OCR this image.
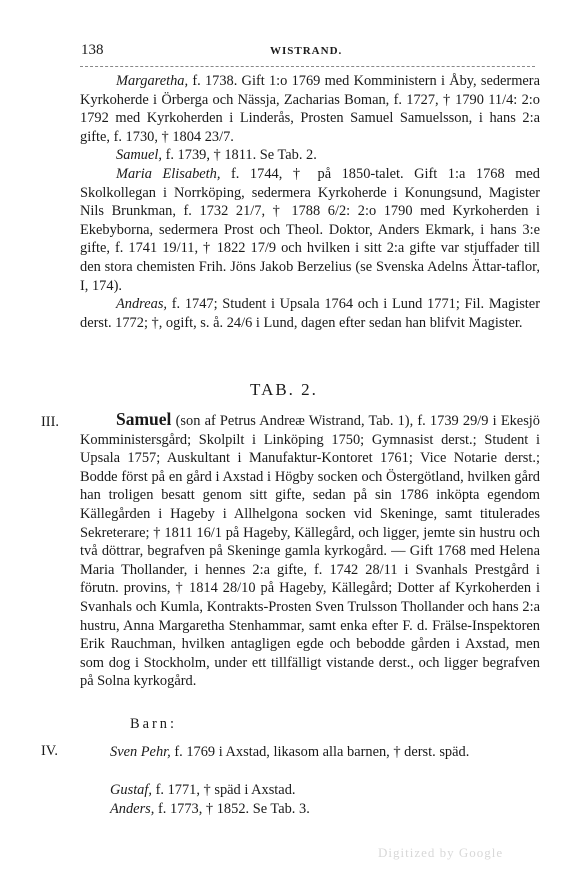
138	WISTRAND.

Margaretha, f. 1738. Gift 1:o 1769 med Komministern i Åby, sedermera Kyrkoherde i Örberga och Nässja, Zacharias Boman, f. 1727, † 1790 11/4: 2:o 1792 med Kyrkoherden i Linderås, Prosten Samuel Samuelsson, i hans 2:a gifte, f. 1730, † 1804 23/7.

Samuel, f. 1739, † 1811. Se Tab. 2.

Maria Elisabeth, f. 1744, † på 1850-talet. Gift 1:a 1768 med Skolkollegan i Norrköping, sedermera Kyrkoherde i Konungsund, Magister Nils Brunkman, f. 1732 21/7, † 1788 6/2: 2:o 1790 med Kyrkoherden i Ekebyborna, sedermera Prost och Theol. Doktor, Anders Ekmark, i hans 3:e gifte, f. 1741 19/11, † 1822 17/9 och hvilken i sitt 2:a gifte var stjuffader till den stora chemisten Frih. Jöns Jakob Berzelius (se Svenska Adelns Ättar-taflor, I, 174).

Andreas, f. 1747; Student i Upsala 1764 och i Lund 1771; Fil. Magister derst. 1772; †, ogift, s. å. 24/6 i Lund, dagen efter sedan han blifvit Magister.

TAB. 2.
III.	Samuel (son af Petrus Andreæ Wistrand, Tab. 1), f. 1739 29/9 i Ekesjö Komministersgård; Skolpilt i Linköping 1750; Gymnasist derst.; Student i Upsala 1757; Auskultant i Manufaktur-Kontoret 1761; Vice Notarie derst.; Bodde först på en gård i Axstad i Högby socken och Östergötland, hvilken gård han troligen besatt genom sitt gifte, sedan på sin 1786 inköpta egendom Källegården i Hageby i Allhelgona socken vid Skeninge, samt titulerades Sekreterare; † 1811 16/1 på Hageby, Källegård, och ligger, jemte sin hustru och två döttrar, begrafven på Skeninge gamla kyrkogård. — Gift 1768 med Helena Maria Thollander, i hennes 2:a gifte, f. 1742 28/11 i Svanhals Prestgård i förutn. provins, † 1814 28/10 på Hageby, Källegård; Dotter af Kyrkoherden i Svanhals och Kumla, Kontrakts-Prosten Sven Trulsson Thollander och hans 2:a hustru, Anna Margaretha Stenhammar, samt enka efter F. d. Frälse-Inspektoren Erik Rauchman, hvilken antagligen egde och bebodde gården i Axstad, men som dog i Stockholm, under ett tillfälligt vistande derst., och ligger begrafven på Solna kyrkogård.

Barn:
IV.	Sven Pehr, f. 1769 i Axstad, likasom alla barnen, † derst. späd.
Gustaf, f. 1771, † späd i Axstad.
Anders, f. 1773, † 1852. Se Tab. 3.
Digitized by Google
